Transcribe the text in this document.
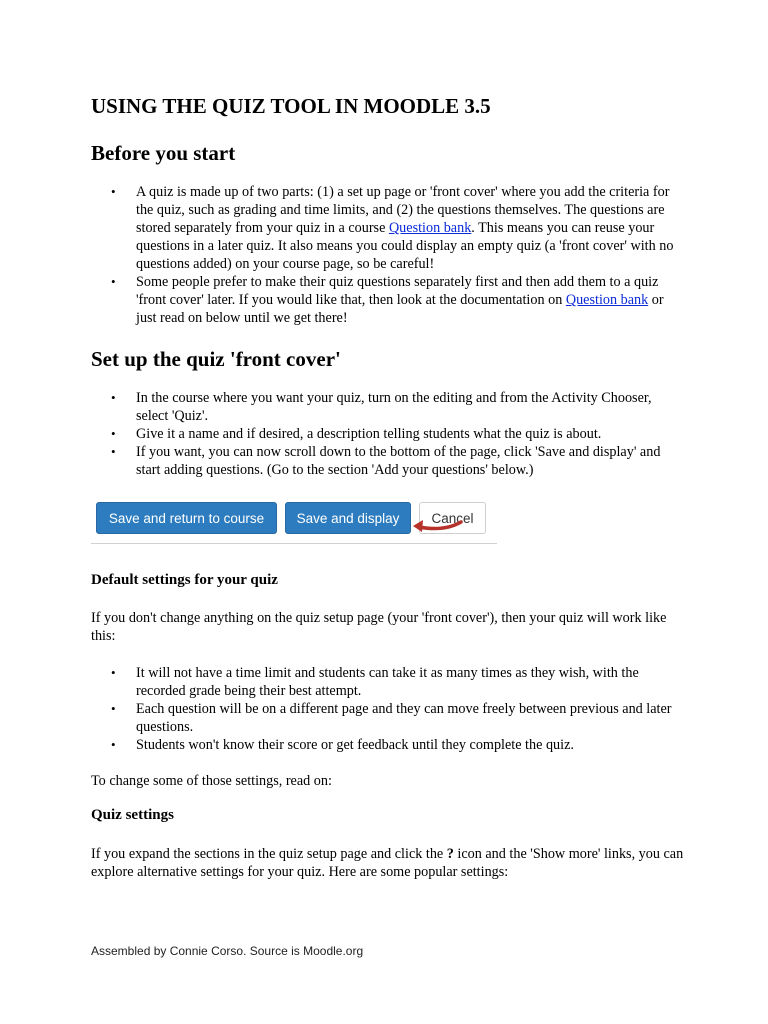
USING THE QUIZ TOOL IN MOODLE 3.5
Before you start
• A quiz is made up of two parts: (1) a set up page or 'front cover' where you add the criteria for the quiz, such as grading and time limits, and (2) the questions themselves. The questions are stored separately from your quiz in a course Question bank. This means you can reuse your questions in a later quiz. It also means you could display an empty quiz (a 'front cover' with no questions added) on your course page, so be careful!
• Some people prefer to make their quiz questions separately first and then add them to a quiz 'front cover' later. If you would like that, then look at the documentation on Question bank or just read on below until we get there!
Set up the quiz 'front cover'
• In the course where you want your quiz, turn on the editing and from the Activity Chooser, select 'Quiz'.
• Give it a name and if desired, a description telling students what the quiz is about.
• If you want, you can now scroll down to the bottom of the page, click 'Save and display' and start adding questions. (Go to the section 'Add your questions' below.)
Save and return to course	Save and display	Cancel
Default settings for your quiz

If you don't change anything on the quiz setup page (your 'front cover'), then your quiz will work like this:

• It will not have a time limit and students can take it as many times as they wish, with the recorded grade being their best attempt.
• Each question will be on a different page and they can move freely between previous and later questions.
• Students won't know their score or get feedback until they complete the quiz.

To change some of those settings, read on:

Quiz settings

If you expand the sections in the quiz setup page and click the ? icon and the 'Show more' links, you can explore alternative settings for your quiz. Here are some popular settings:

Assembled by Connie Corso. Source is Moodle.org
